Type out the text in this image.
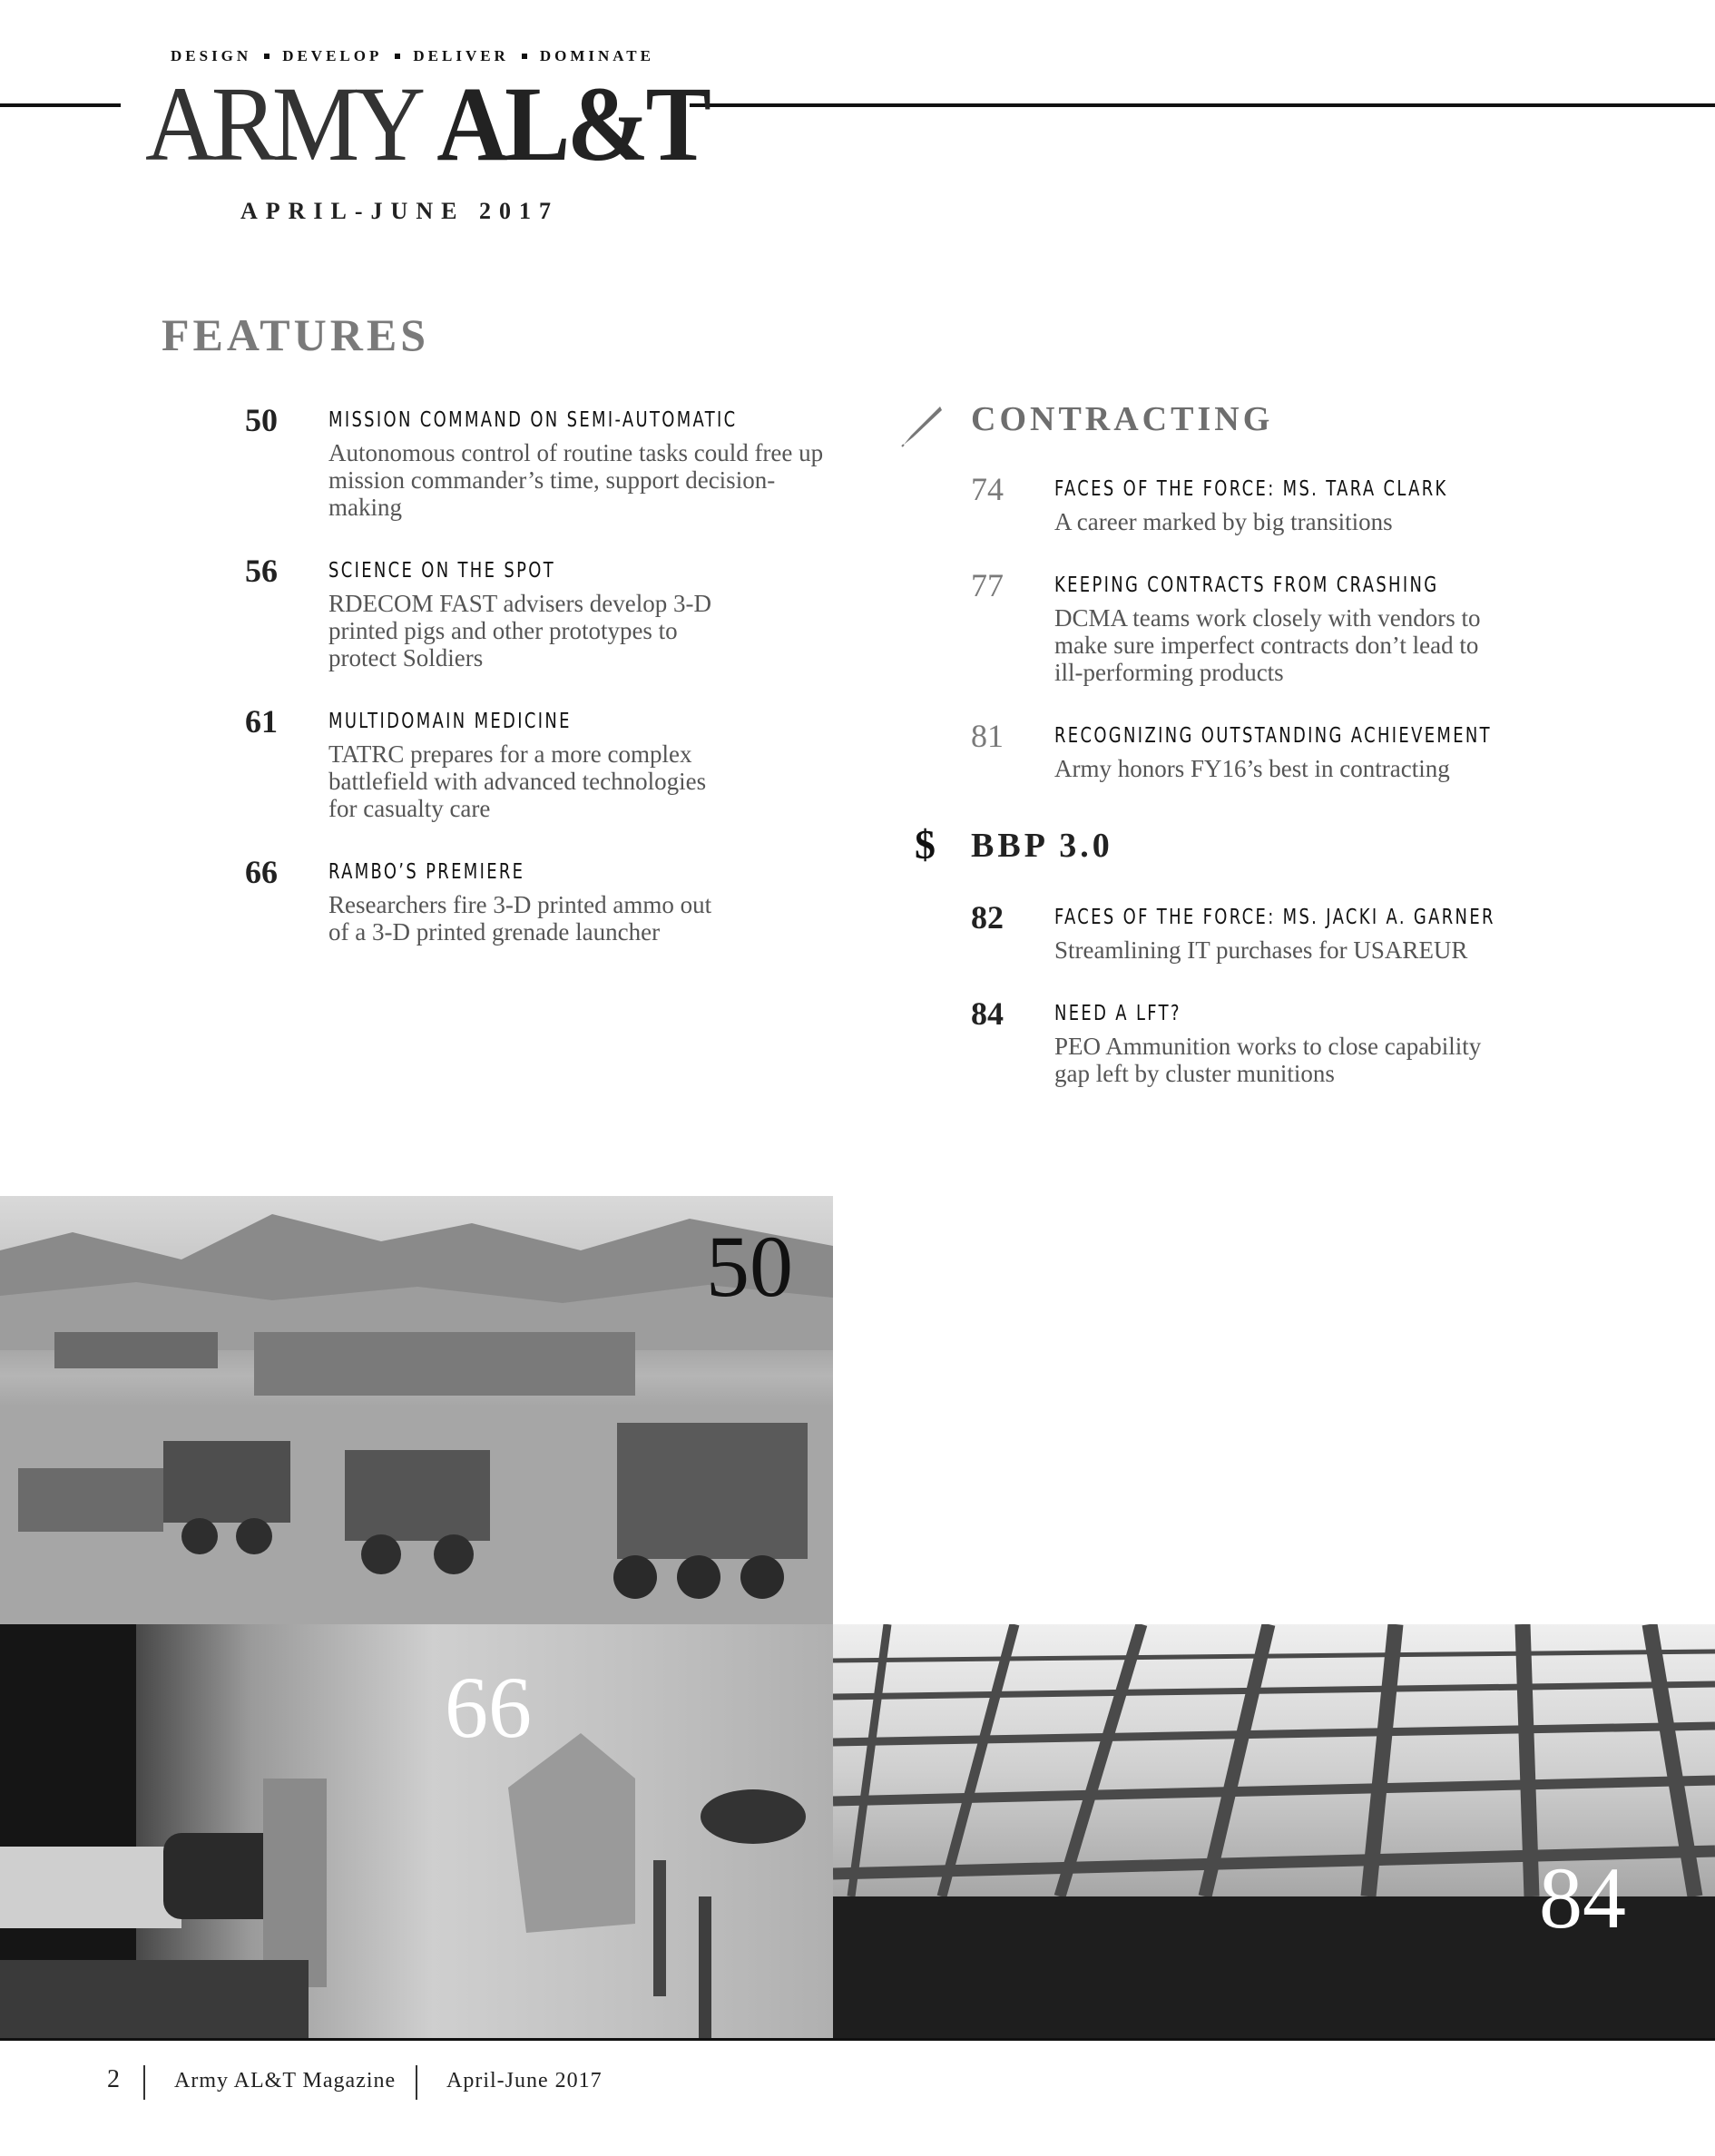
DESIGN DEVELOP DELIVER DOMINATE
ARMY AL&T
APRIL-JUNE 2017
FEATURES
50 MISSION COMMAND ON SEMI-AUTOMATIC
Autonomous control of routine tasks could free up mission commander’s time, support decision-making
56 SCIENCE ON THE SPOT
RDECOM FAST advisers develop 3-D printed pigs and other prototypes to protect Soldiers
61 MULTIDOMAIN MEDICINE
TATRC prepares for a more complex battlefield with advanced technologies for casualty care
66 RAMBO’S PREMIERE
Researchers fire 3-D printed ammo out of a 3-D printed grenade launcher
CONTRACTING
74 FACES OF THE FORCE: MS. TARA CLARK
A career marked by big transitions
77 KEEPING CONTRACTS FROM CRASHING
DCMA teams work closely with vendors to make sure imperfect contracts don’t lead to ill-performing products
81 RECOGNIZING OUTSTANDING ACHIEVEMENT
Army honors FY16’s best in contracting
$ BBP 3.0
82 FACES OF THE FORCE: MS. JACKI A. GARNER
Streamlining IT purchases for USAREUR
84 NEED A LFT?
PEO Ammunition works to close capability gap left by cluster munitions
50
66
84
2	Army AL&T Magazine April-June 2017
